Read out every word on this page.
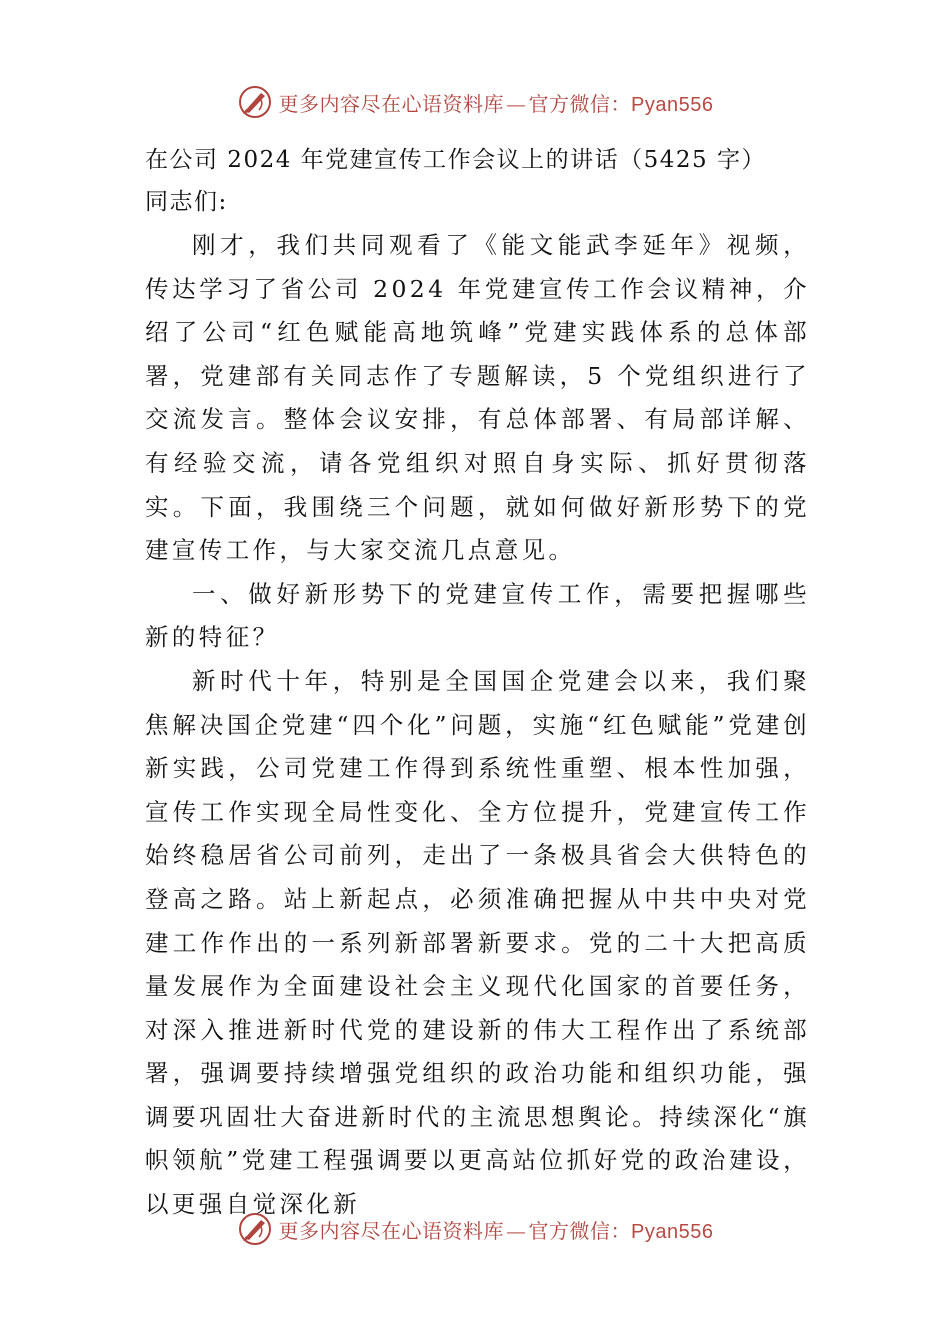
更多内容尽在心语资料库 — 官方微信：Pyan556

在公司 2024 年党建宣传工作会议上的讲话（5425 字）

同志们:

刚才，我们共同观看了《能文能武李延年》视频，传达学习了省公司 2024 年党建宣传工作会议精神，介绍了公司“红色赋能高地筑峰”党建实践体系的总体部署，党建部有关同志作了专题解读，5 个党组织进行了交流发言。整体会议安排，有总体部署、有局部详解、有经验交流，请各党组织对照自身实际、抓好贯彻落实。下面，我围绕三个问题，就如何做好新形势下的党建宣传工作，与大家交流几点意见。

一、做好新形势下的党建宣传工作，需要把握哪些新的特征？

新时代十年，特别是全国国企党建会以来，我们聚焦解决国企党建“四个化”问题，实施“红色赋能”党建创新实践，公司党建工作得到系统性重塑、根本性加强，宣传工作实现全局性变化、全方位提升，党建宣传工作始终稳居省公司前列，走出了一条极具省会大供特色的登高之路。站上新起点，必须准确把握从中共中央对党建工作作出的一系列新部署新要求。党的二十大把高质量发展作为全面建设社会主义现代化国家的首要任务，对深入推进新时代党的建设新的伟大工程作出了系统部署，强调要持续增强党组织的政治功能和组织功能，强调要巩固壮大奋进新时代的主流思想舆论。持续深化“旗帜领航”党建工程强调要以更高站位抓好党的政治建设，以更强自觉深化新

更多内容尽在心语资料库 — 官方微信：Pyan556
